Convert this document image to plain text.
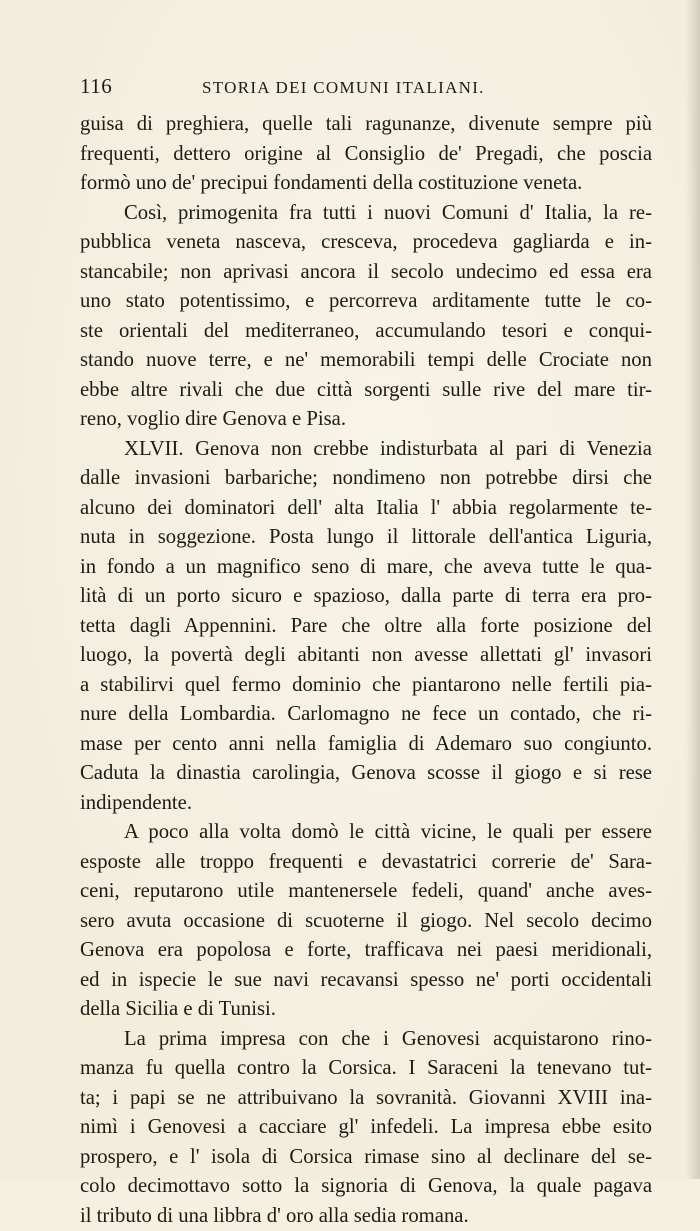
116	STORIA DEI COMUNI ITALIANI.
guisa di preghiera, quelle tali ragunanze, divenute sempre più
frequenti, dettero origine al Consiglio de' Pregadi, che poscia
formò uno de' precipui fondamenti della costituzione veneta.
Così, primogenita fra tutti i nuovi Comuni d' Italia, la re-
pubblica veneta nasceva, cresceva, procedeva gagliarda e in-
stancabile; non aprivasi ancora il secolo undecimo ed essa era
uno stato potentissimo, e percorreva arditamente tutte le co-
ste orientali del mediterraneo, accumulando tesori e conqui-
stando nuove terre, e ne' memorabili tempi delle Crociate non
ebbe altre rivali che due città sorgenti sulle rive del mare tir-
reno, voglio dire Genova e Pisa.
XLVII. Genova non crebbe indisturbata al pari di Venezia
dalle invasioni barbariche; nondimeno non potrebbe dirsi che
alcuno dei dominatori dell' alta Italia l' abbia regolarmente te-
nuta in soggezione. Posta lungo il littorale dell'antica Liguria,
in fondo a un magnifico seno di mare, che aveva tutte le qua-
lità di un porto sicuro e spazioso, dalla parte di terra era pro-
tetta dagli Appennini. Pare che oltre alla forte posizione del
luogo, la povertà degli abitanti non avesse allettati gl' invasori
a stabilirvi quel fermo dominio che piantarono nelle fertili pia-
nure della Lombardia. Carlomagno ne fece un contado, che ri-
mase per cento anni nella famiglia di Ademaro suo congiunto.
Caduta la dinastia carolingia, Genova scosse il giogo e si rese
indipendente.
A poco alla volta domò le città vicine, le quali per essere
esposte alle troppo frequenti e devastatrici correrie de' Sara-
ceni, reputarono utile mantenersele fedeli, quand' anche aves-
sero avuta occasione di scuoterne il giogo. Nel secolo decimo
Genova era popolosa e forte, trafficava nei paesi meridionali,
ed in ispecie le sue navi recavansi spesso ne' porti occidentali
della Sicilia e di Tunisi.
La prima impresa con che i Genovesi acquistarono rino-
manza fu quella contro la Corsica. I Saraceni la tenevano tut-
ta; i papi se ne attribuivano la sovranità. Giovanni XVIII ina-
nimì i Genovesi a cacciare gl' infedeli. La impresa ebbe esito
prospero, e l' isola di Corsica rimase sino al declinare del se-
colo decimottavo sotto la signoria di Genova, la quale pagava
il tributo di una libbra d' oro alla sedia romana.
